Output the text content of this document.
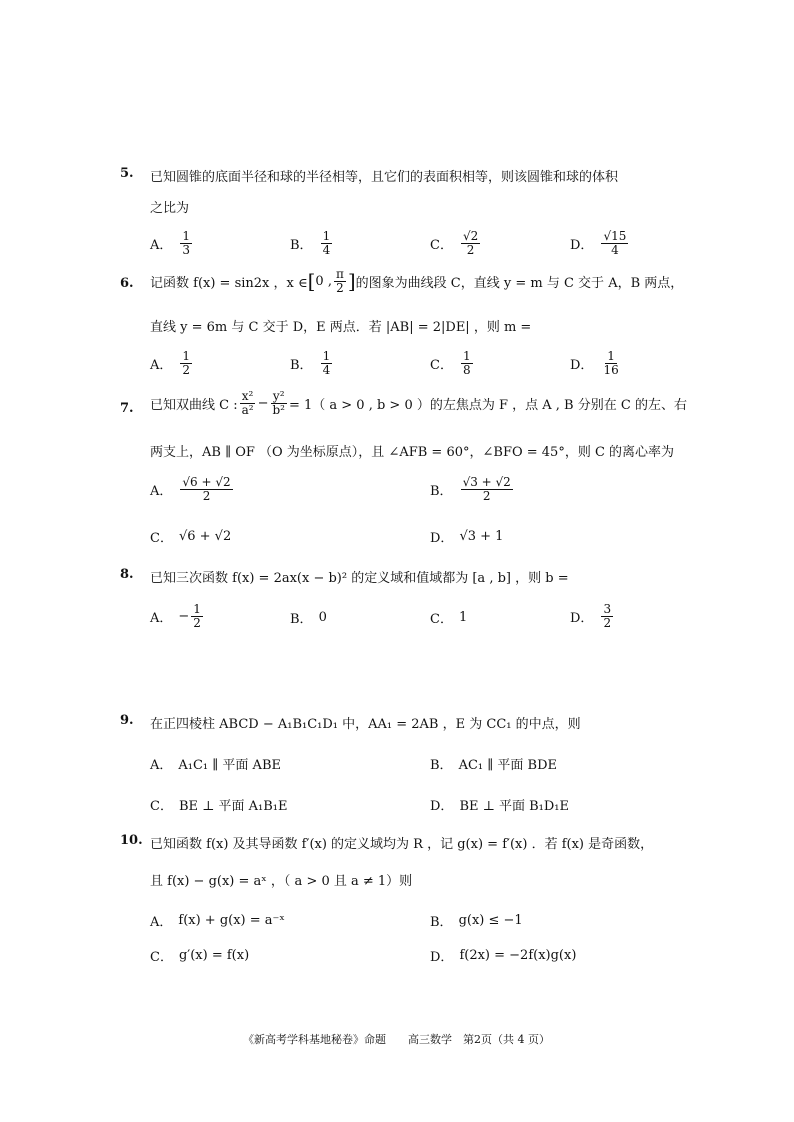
5. 已知圆锥的底面半径和球的半径相等，且它们的表面积相等，则该圆锥和球的体积
之比为
A． $\frac{1}{3}$	B． $\frac{1}{4}$	C． $\frac{√2}{2}$	D． $\frac{√15}{4}$
6. 记函数 f(x) = sin2x ，x ∈ [ 0 , $\frac{\pi}{2}$ ] 的图象为曲线段 C，直线 y = m 与 C 交于 A，B 两点，
直线 y = 6m 与 C 交于 D，E 两点．若 |AB| = 2|DE| ，则 m =
A． $\frac{1}{2}$	B． $\frac{1}{4}$	C． $\frac{1}{8}$	D． $\frac{1}{16}$
7. 已知双曲线 C : $\frac{\text{x²}}{\text{a²}} - \frac{\text{y²}}{\text{b²}} = 1$（ a > 0 , b > 0 ）的左焦点为 F ，点 A , B 分别在 C 的左、右
两支上，AB ∥ OF （O 为坐标原点），且 ∠AFB = 60°，∠BFO = 45°，则 C 的离心率为
A． $\frac{√6 + √2}{2}$	B． $\frac{√3 + √2}{2}$
C． √6 + √2	D． √3 + 1
8. 已知三次函数 f(x) = 2ax(x − b)² 的定义域和值域都为 [a , b] ，则 b =
A． − $\frac{1}{2}$	B． 0	C． 1	D． $\frac{3}{2}$
9. 在正四棱柱 ABCD − A₁B₁C₁D₁ 中，AA₁ = 2AB ，E 为 CC₁ 的中点，则
A． A₁C₁ ∥ 平面 ABE	B． AC₁ ∥ 平面 BDE
C． BE ⊥ 平面 A₁B₁E	D． BE ⊥ 平面 B₁D₁E
10. 已知函数 f(x) 及其导函数 f′(x) 的定义域均为 R ，记 g(x) = f′(x) ．若 f(x) 是奇函数，
且 f(x) − g(x) = aˣ ，（ a > 0 且 a ≠ 1）则
A． f(x) + g(x) = a⁻ˣ	B． g(x) ≤ −1
C． g′(x) = f(x)	D． f(2x) = −2f(x)g(x)
《新高考学科基地秘卷》命题　　高三数学　第2页（共 4 页）
